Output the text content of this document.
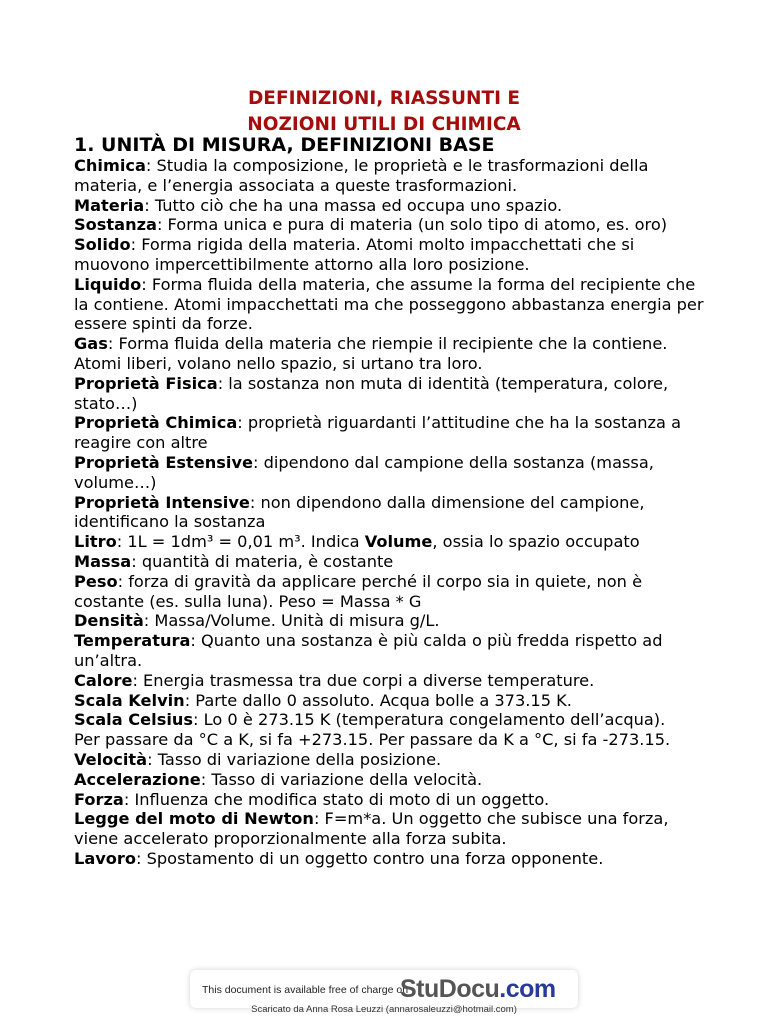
DEFINIZIONI, RIASSUNTI E
NOZIONI UTILI DI CHIMICA
1. UNITÀ DI MISURA, DEFINIZIONI BASE
Chimica: Studia la composizione, le proprietà e le trasformazioni della materia, e l’energia associata a queste trasformazioni.
Materia: Tutto ciò che ha una massa ed occupa uno spazio.
Sostanza: Forma unica e pura di materia (un solo tipo di atomo, es. oro)
Solido: Forma rigida della materia. Atomi molto impacchettati che si muovono impercettibilmente attorno alla loro posizione.
Liquido: Forma fluida della materia, che assume la forma del recipiente che la contiene. Atomi impacchettati ma che posseggono abbastanza energia per essere spinti da forze.
Gas: Forma fluida della materia che riempie il recipiente che la contiene. Atomi liberi, volano nello spazio, si urtano tra loro.
Proprietà Fisica: la sostanza non muta di identità (temperatura, colore, stato…)
Proprietà Chimica: proprietà riguardanti l’attitudine che ha la sostanza a reagire con altre
Proprietà Estensive: dipendono dal campione della sostanza (massa, volume…)
Proprietà Intensive: non dipendono dalla dimensione del campione, identificano la sostanza
Litro: 1L = 1dm³ = 0,01 m³. Indica Volume, ossia lo spazio occupato
Massa: quantità di materia, è costante
Peso: forza di gravità da applicare perché il corpo sia in quiete, non è costante (es. sulla luna). Peso = Massa * G
Densità: Massa/Volume. Unità di misura g/L.
Temperatura: Quanto una sostanza è più calda o più fredda rispetto ad un’altra.
Calore: Energia trasmessa tra due corpi a diverse temperature.
Scala Kelvin: Parte dallo 0 assoluto. Acqua bolle a 373.15 K.
Scala Celsius: Lo 0 è 273.15 K (temperatura congelamento dell’acqua).
Per passare da °C a K, si fa +273.15. Per passare da K a °C, si fa -273.15.
Velocità: Tasso di variazione della posizione.
Accelerazione: Tasso di variazione della velocità.
Forza: Influenza che modifica stato di moto di un oggetto.
Legge del moto di Newton: F=m*a. Un oggetto che subisce una forza, viene accelerato proporzionalmente alla forza subita.
Lavoro: Spostamento di un oggetto contro una forza opponente.
This document is available free of charge on
StuDocu.com
Scaricato da Anna Rosa Leuzzi (annarosaleuzzi@hotmail.com)
